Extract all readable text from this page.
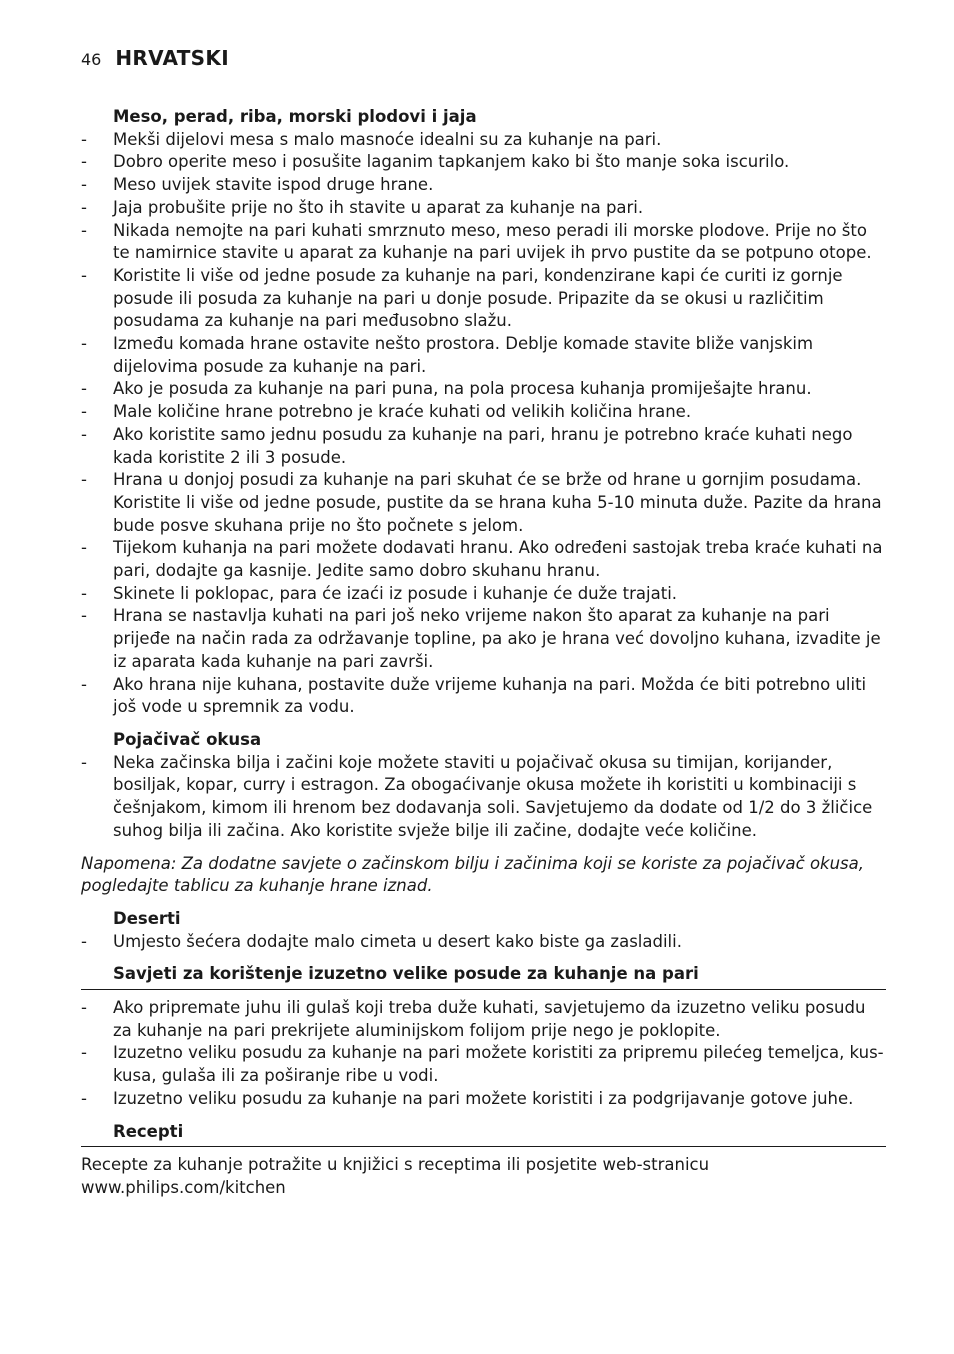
46 HRVATSKI

Meso, perad, riba, morski plodovi i jaja

- Mekši dijelovi mesa s malo masnoće idealni su za kuhanje na pari.
- Dobro operite meso i posušite laganim tapkanjem kako bi što manje soka iscurilo.
- Meso uvijek stavite ispod druge hrane.
- Jaja probušite prije no što ih stavite u aparat za kuhanje na pari.
- Nikada nemojte na pari kuhati smrznuto meso, meso peradi ili morske plodove. Prije no što te namirnice stavite u aparat za kuhanje na pari uvijek ih prvo pustite da se potpuno otope.
- Koristite li više od jedne posude za kuhanje na pari, kondenzirane kapi će curiti iz gornje posude ili posuda za kuhanje na pari u donje posude. Pripazite da se okusi u različitim posudama za kuhanje na pari međusobno slažu.
- Između komada hrane ostavite nešto prostora. Deblje komade stavite bliže vanjskim dijelovima posude za kuhanje na pari.
- Ako je posuda za kuhanje na pari puna, na pola procesa kuhanja promiješajte hranu.
- Male količine hrane potrebno je kraće kuhati od velikih količina hrane.
- Ako koristite samo jednu posudu za kuhanje na pari, hranu je potrebno kraće kuhati nego kada koristite 2 ili 3 posude.
- Hrana u donjoj posudi za kuhanje na pari skuhat će se brže od hrane u gornjim posudama. Koristite li više od jedne posude, pustite da se hrana kuha 5-10 minuta duže. Pazite da hrana bude posve skuhana prije no što počnete s jelom.
- Tijekom kuhanja na pari možete dodavati hranu. Ako određeni sastojak treba kraće kuhati na pari, dodajte ga kasnije. Jedite samo dobro skuhanu hranu.
- Skinete li poklopac, para će izaći iz posude i kuhanje će duže trajati.
- Hrana se nastavlja kuhati na pari još neko vrijeme nakon što aparat za kuhanje na pari prijeđe na način rada za održavanje topline, pa ako je hrana već dovoljno kuhana, izvadite je iz aparata kada kuhanje na pari završi.
- Ako hrana nije kuhana, postavite duže vrijeme kuhanja na pari. Možda će biti potrebno uliti još vode u spremnik za vodu.

Pojačivač okusa

- Neka začinska bilja i začini koje možete staviti u pojačivač okusa su timijan, korijander, bosiljak, kopar, curry i estragon. Za obogaćivanje okusa možete ih koristiti u kombinaciji s češnjakom, kimom ili hrenom bez dodavanja soli. Savjetujemo da dodate od 1/2 do 3 žličice suhog bilja ili začina. Ako koristite svježe bilje ili začine, dodajte veće količine.

Napomena: Za dodatne savjete o začinskom bilju i začinima koji se koriste za pojačivač okusa, pogledajte tablicu za kuhanje hrane iznad.

Deserti

- Umjesto šećera dodajte malo cimeta u desert kako biste ga zasladili.

Savjeti za korištenje izuzetno velike posude za kuhanje na pari

- Ako pripremate juhu ili gulaš koji treba duže kuhati, savjetujemo da izuzetno veliku posudu za kuhanje na pari prekrijete aluminijskom folijom prije nego je poklopite.
- Izuzetno veliku posudu za kuhanje na pari možete koristiti za pripremu pilećeg temeljca, kus-kusa, gulaša ili za poširanje ribe u vodi.
- Izuzetno veliku posudu za kuhanje na pari možete koristiti i za podgrijavanje gotove juhe.

Recepti

Recepte za kuhanje potražite u knjižici s receptima ili posjetite web-stranicu www.philips.com/kitchen
